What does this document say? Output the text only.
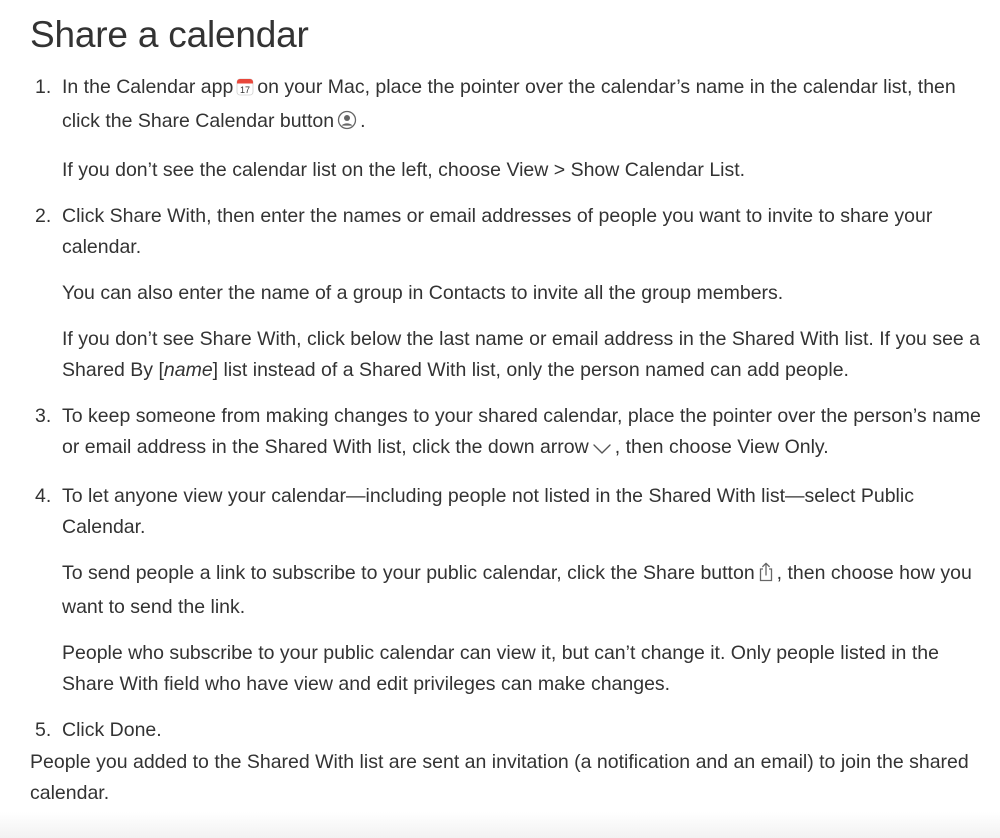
Share a calendar
1. In the Calendar app 17 on your Mac, place the pointer over the calendar’s name in the calendar list, then click the Share Calendar button .

If you don’t see the calendar list on the left, choose View > Show Calendar List.

2. Click Share With, then enter the names or email addresses of people you want to invite to share your calendar.

You can also enter the name of a group in Contacts to invite all the group members.

If you don’t see Share With, click below the last name or email address in the Shared With list. If you see a Shared By [name] list instead of a Shared With list, only the person named can add people.

3. To keep someone from making changes to your shared calendar, place the pointer over the person’s name or email address in the Shared With list, click the down arrow , then choose View Only.

4. To let anyone view your calendar—including people not listed in the Shared With list—select Public Calendar.

To send people a link to subscribe to your public calendar, click the Share button , then choose how you want to send the link.

People who subscribe to your public calendar can view it, but can’t change it. Only people listed in the Share With field who have view and edit privileges can make changes.

5. Click Done.

People you added to the Shared With list are sent an invitation (a notification and an email) to join the shared calendar.
